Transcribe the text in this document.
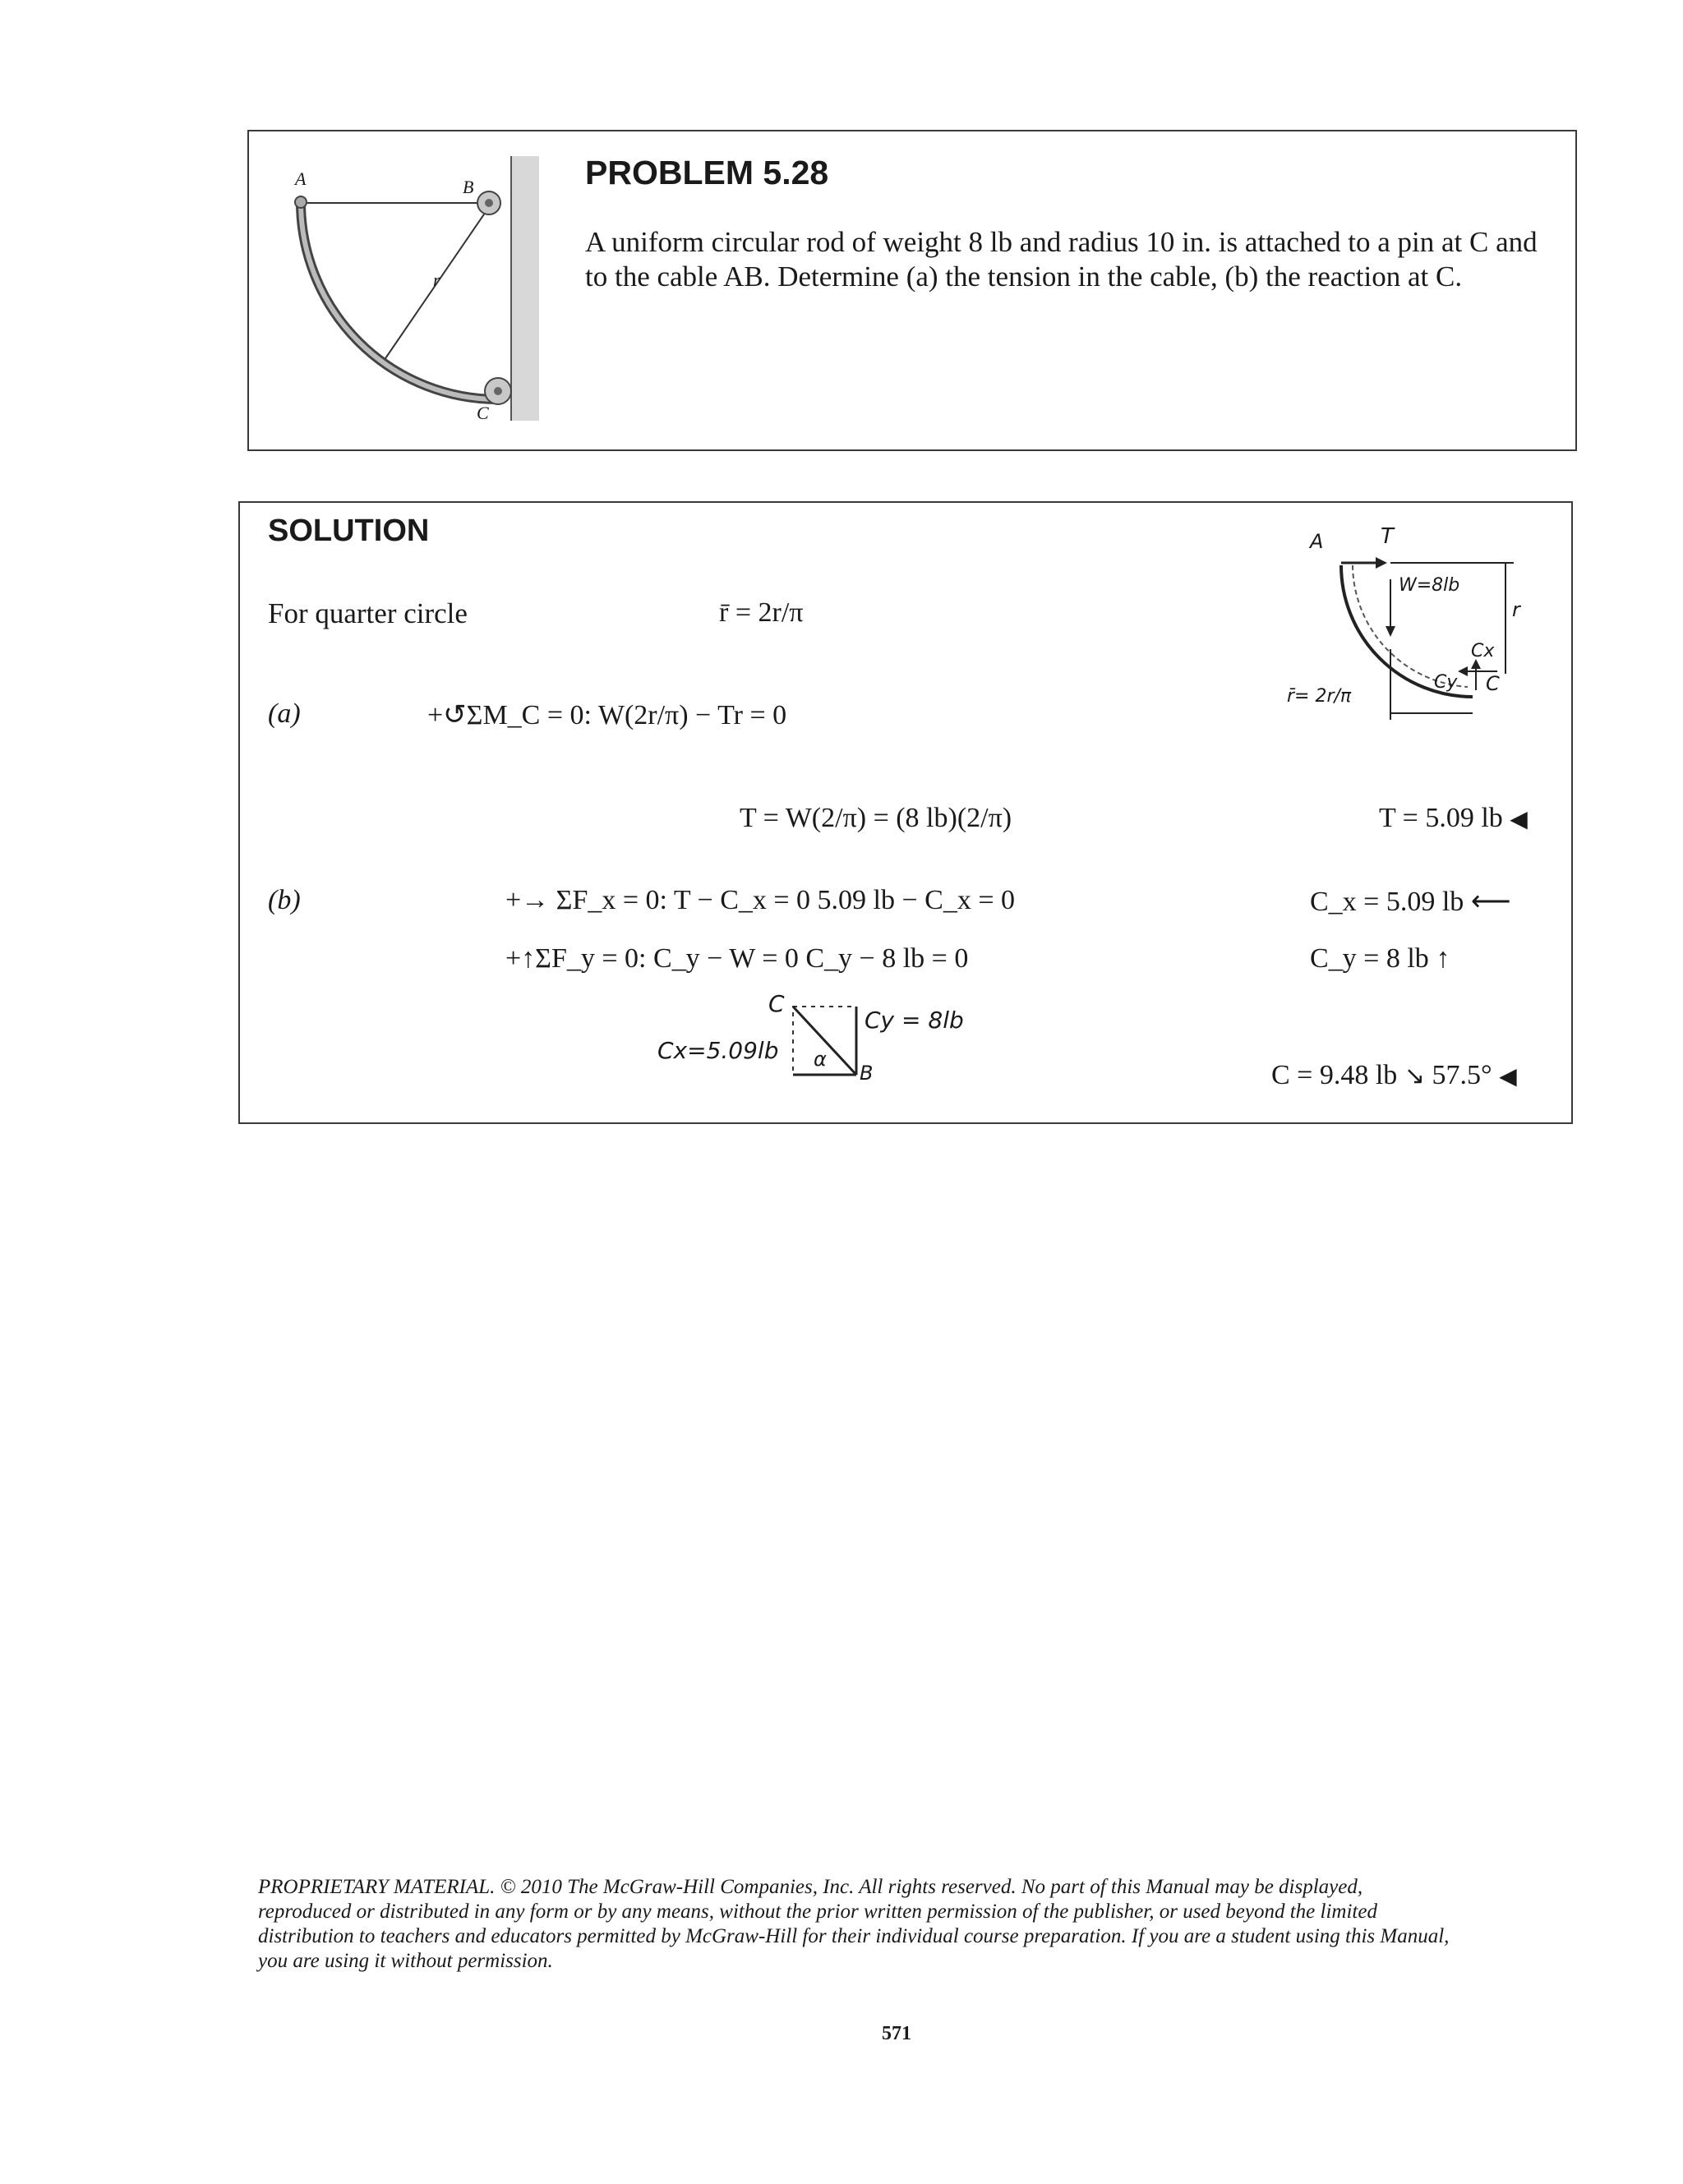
A	B
r
C
PROBLEM 5.28
A uniform circular rod of weight 8 lb and radius 10 in. is attached to a pin at C and
to the cable AB. Determine (a) the tension in the cable, (b) the reaction at C.
SOLUTION
For quarter circle	r̄ = 2r/π
(a)	+↺ΣM_C = 0: W(2r/π) − Tr = 0
T = W(2/π) = (8 lb)(2/π)	T = 5.09 lb ◀
(b)	+→ ΣF_x = 0: T − C_x = 0 5.09 lb − C_x = 0	C_x = 5.09 lb ⟵
+↑ΣF_y = 0: C_y − W = 0 C_y − 8 lb = 0	C_y = 8 lb ↑
C
Cx=5.09lb
Cy = 8lb
α
B	C = 9.48 lb ↘ 57.5° ◀
A	T
W=8lb
r
Cx
Cy C
r̄= 2r/π
PROPRIETARY MATERIAL. © 2010 The McGraw-Hill Companies, Inc. All rights reserved. No part of this Manual may be displayed,
reproduced or distributed in any form or by any means, without the prior written permission of the publisher, or used beyond the limited
distribution to teachers and educators permitted by McGraw-Hill for their individual course preparation. If you are a student using this Manual,
you are using it without permission.
571
